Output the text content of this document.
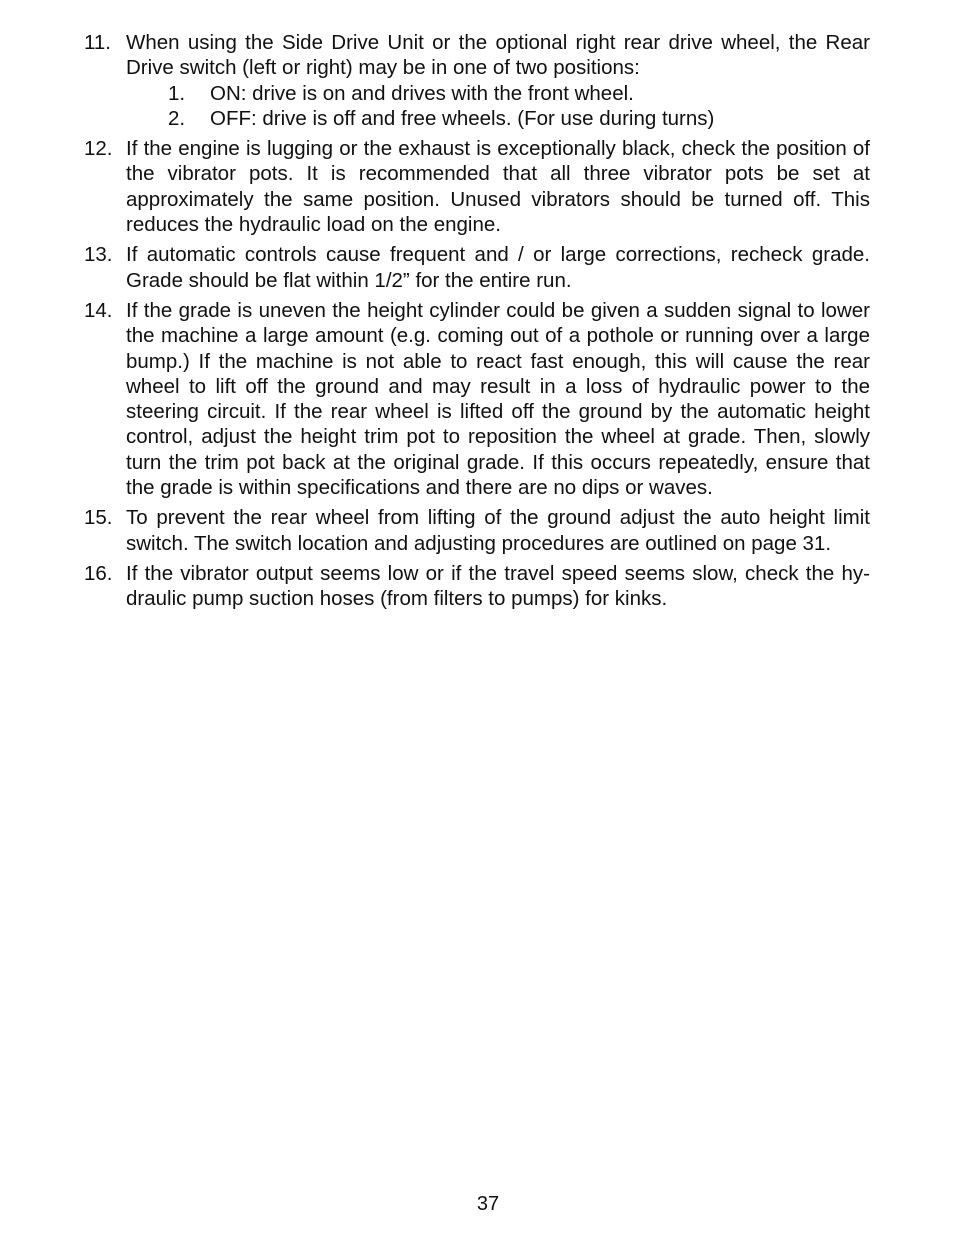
11. When using the Side Drive Unit or the optional right rear drive wheel, the Rear Drive switch (left or right) may be in one of two positions:
1. ON: drive is on and drives with the front wheel.
2. OFF: drive is off and free wheels. (For use during turns)
12. If the engine is lugging or the exhaust is exceptionally black, check the position of the vibrator pots. It is recommended that all three vibrator pots be set at approximately the same position. Unused vibrators should be turned off. This reduces the hydraulic load on the engine.
13. If automatic controls cause frequent and / or large corrections, recheck grade. Grade should be flat within 1/2” for the entire run.
14. If the grade is uneven the height cylinder could be given a sudden signal to lower the machine a large amount (e.g. coming out of a pothole or running over a large bump.) If the machine is not able to react fast enough, this will cause the rear wheel to lift off the ground and may result in a loss of hydraulic power to the steering circuit. If the rear wheel is lifted off the ground by the automatic height control, adjust the height trim pot to reposition the wheel at grade. Then, slowly turn the trim pot back at the original grade. If this occurs repeatedly, ensure that the grade is within specifications and there are no dips or waves.
15. To prevent the rear wheel from lifting of the ground adjust the auto height limit switch. The switch location and adjusting procedures are outlined on page 31.
16. If the vibrator output seems low or if the travel speed seems slow, check the hydraulic pump suction hoses (from filters to pumps) for kinks.
37
